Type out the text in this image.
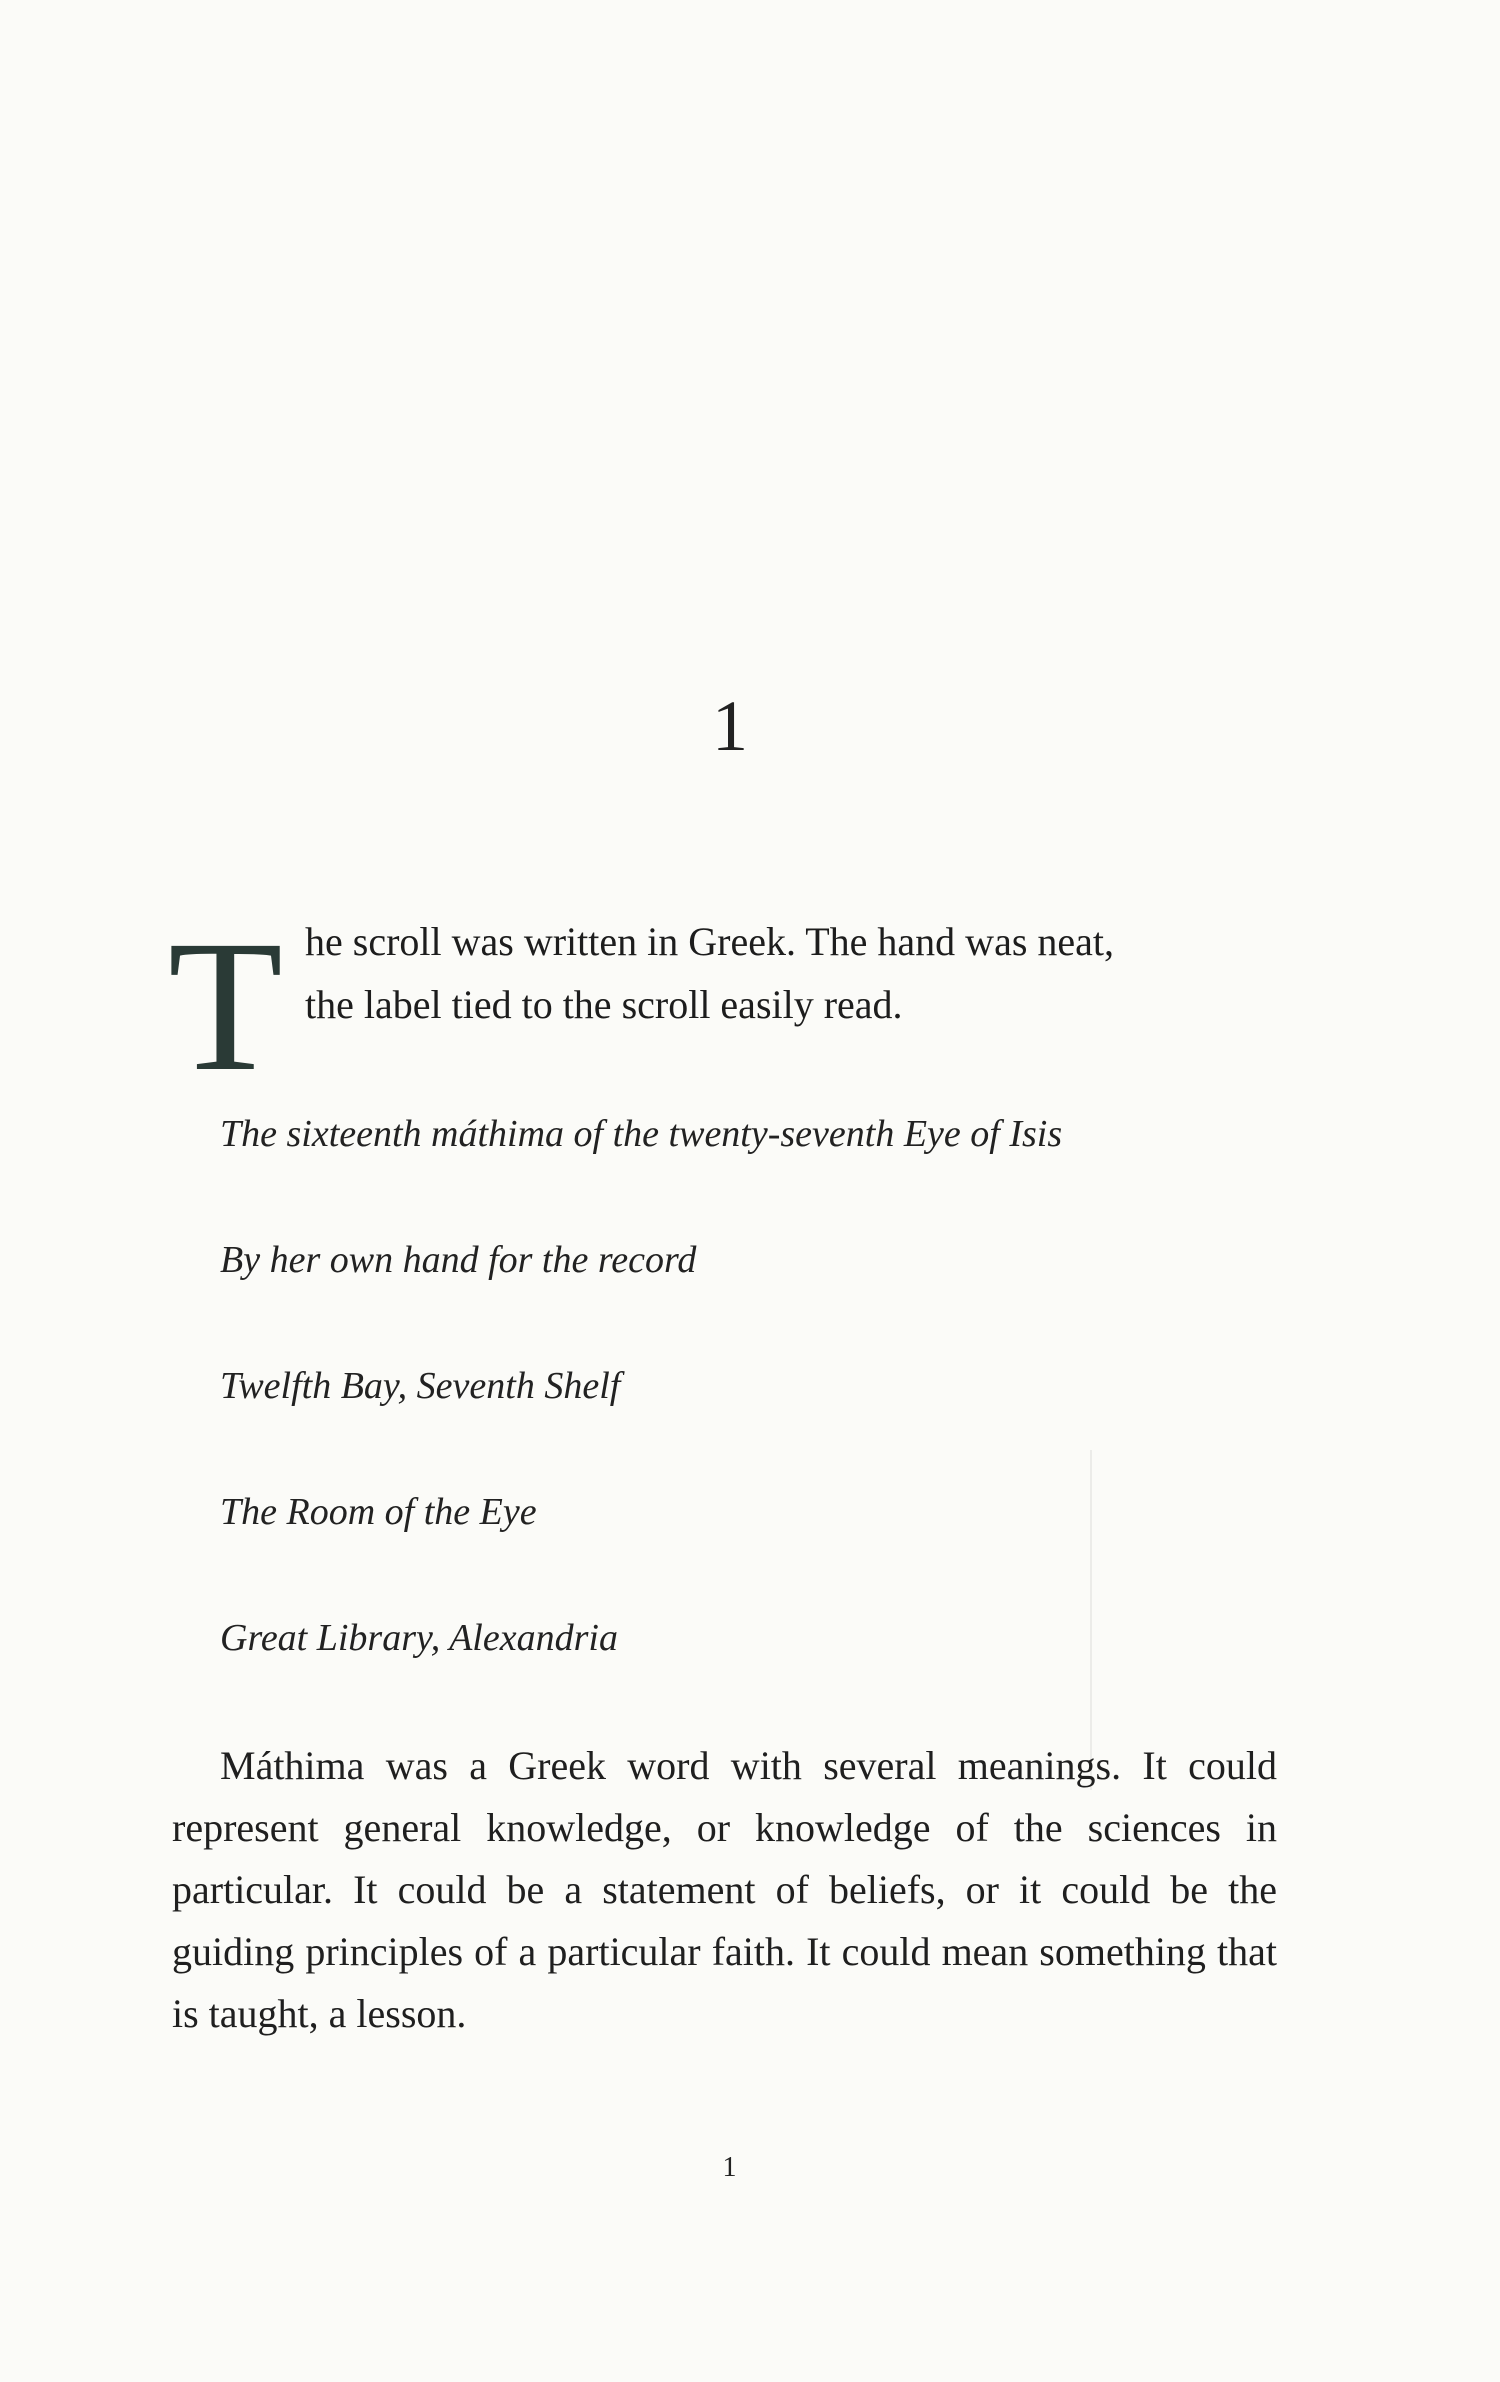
1
T he scroll was written in Greek. The hand was neat,
the label tied to the scroll easily read.
The sixteenth máthima of the twenty-seventh Eye of Isis
By her own hand for the record
Twelfth Bay, Seventh Shelf
The Room of the Eye
Great Library, Alexandria
Máthima was a Greek word with several meanings. It could represent general knowledge, or knowledge of the sciences in particular. It could be a statement of beliefs, or it could be the guiding principles of a particular faith. It could mean something that is taught, a lesson.
1
